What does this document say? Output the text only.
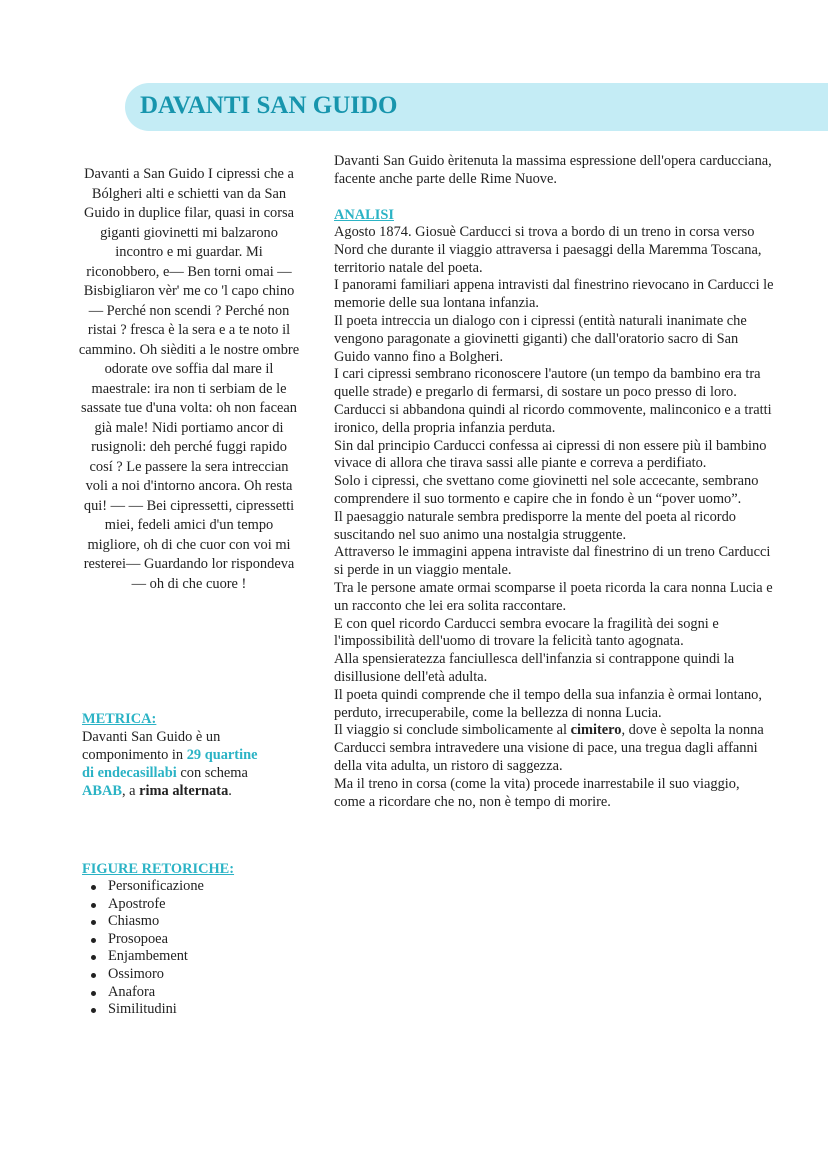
DAVANTI SAN GUIDO

Davanti a San Guido I cipressi che a Bólgheri alti e schietti van da San Guido in duplice filar, quasi in corsa giganti giovinetti mi balzarono incontro e mi guardar. Mi riconobbero, e— Ben torni omai — Bisbigliaron vèr' me co 'l capo chino — Perché non scendi ? Perché non ristai ? fresca è la sera e a te noto il cammino. Oh sièditi a le nostre ombre odorate ove soffia dal mare il maestrale: ira non ti serbiam de le sassate tue d'una volta: oh non facean già male! Nidi portiamo ancor di rusignoli: deh perché fuggi rapido cosí ? Le passere la sera intreccian voli a noi d'intorno ancora. Oh resta qui! — — Bei cipressetti, cipressetti miei, fedeli amici d'un tempo migliore, oh di che cuor con voi mi resterei— Guardando lor rispondeva — oh di che cuore !

METRICA:

Davanti San Guido è un componimento in 29 quartine di endecasillabi con schema ABAB, a rima alternata.

FIGURE RETORICHE:

Personificazione
Apostrofe
Chiasmo
Prosopoea
Enjambement
Ossimoro
Anafora
Similitudini

Davanti San Guido èritenuta la massima espressione dell'opera carducciana, facente anche parte delle Rime Nuove.

ANALISI

Agosto 1874. Giosuè Carducci si trova a bordo di un treno in corsa verso Nord che durante il viaggio attraversa i paesaggi della Maremma Toscana, territorio natale del poeta.

I panorami familiari appena intravisti dal finestrino rievocano in Carducci le memorie delle sua lontana infanzia.

Il poeta intreccia un dialogo con i cipressi (entità naturali inanimate che vengono paragonate a giovinetti giganti) che dall'oratorio sacro di San Guido vanno fino a Bolgheri.

I cari cipressi sembrano riconoscere l'autore (un tempo da bambino era tra quelle strade) e pregarlo di fermarsi, di sostare un poco presso di loro.

Carducci si abbandona quindi al ricordo commovente, malinconico e a tratti ironico, della propria infanzia perduta.

Sin dal principio Carducci confessa ai cipressi di non essere più il bambino vivace di allora che tirava sassi alle piante e correva a perdifiato.

Solo i cipressi, che svettano come giovinetti nel sole accecante, sembrano comprendere il suo tormento e capire che in fondo è un “pover uomo”.

Il paesaggio naturale sembra predisporre la mente del poeta al ricordo suscitando nel suo animo una nostalgia struggente.

Attraverso le immagini appena intraviste dal finestrino di un treno Carducci si perde in un viaggio mentale.

Tra le persone amate ormai scomparse il poeta ricorda la cara nonna Lucia e un racconto che lei era solita raccontare.

E con quel ricordo Carducci sembra evocare la fragilità dei sogni e l'impossibilità dell'uomo di trovare la felicità tanto agognata.

Alla spensieratezza fanciullesca dell'infanzia si contrappone quindi la disillusione dell'età adulta.

Il poeta quindi comprende che il tempo della sua infanzia è ormai lontano, perduto, irrecuperabile, come la bellezza di nonna Lucia.

Il viaggio si conclude simbolicamente al cimitero, dove è sepolta la nonna Carducci sembra intravedere una visione di pace, una tregua dagli affanni della vita adulta, un ristoro di saggezza.

Ma il treno in corsa (come la vita) procede inarrestabile il suo viaggio, come a ricordare che no, non è tempo di morire.
